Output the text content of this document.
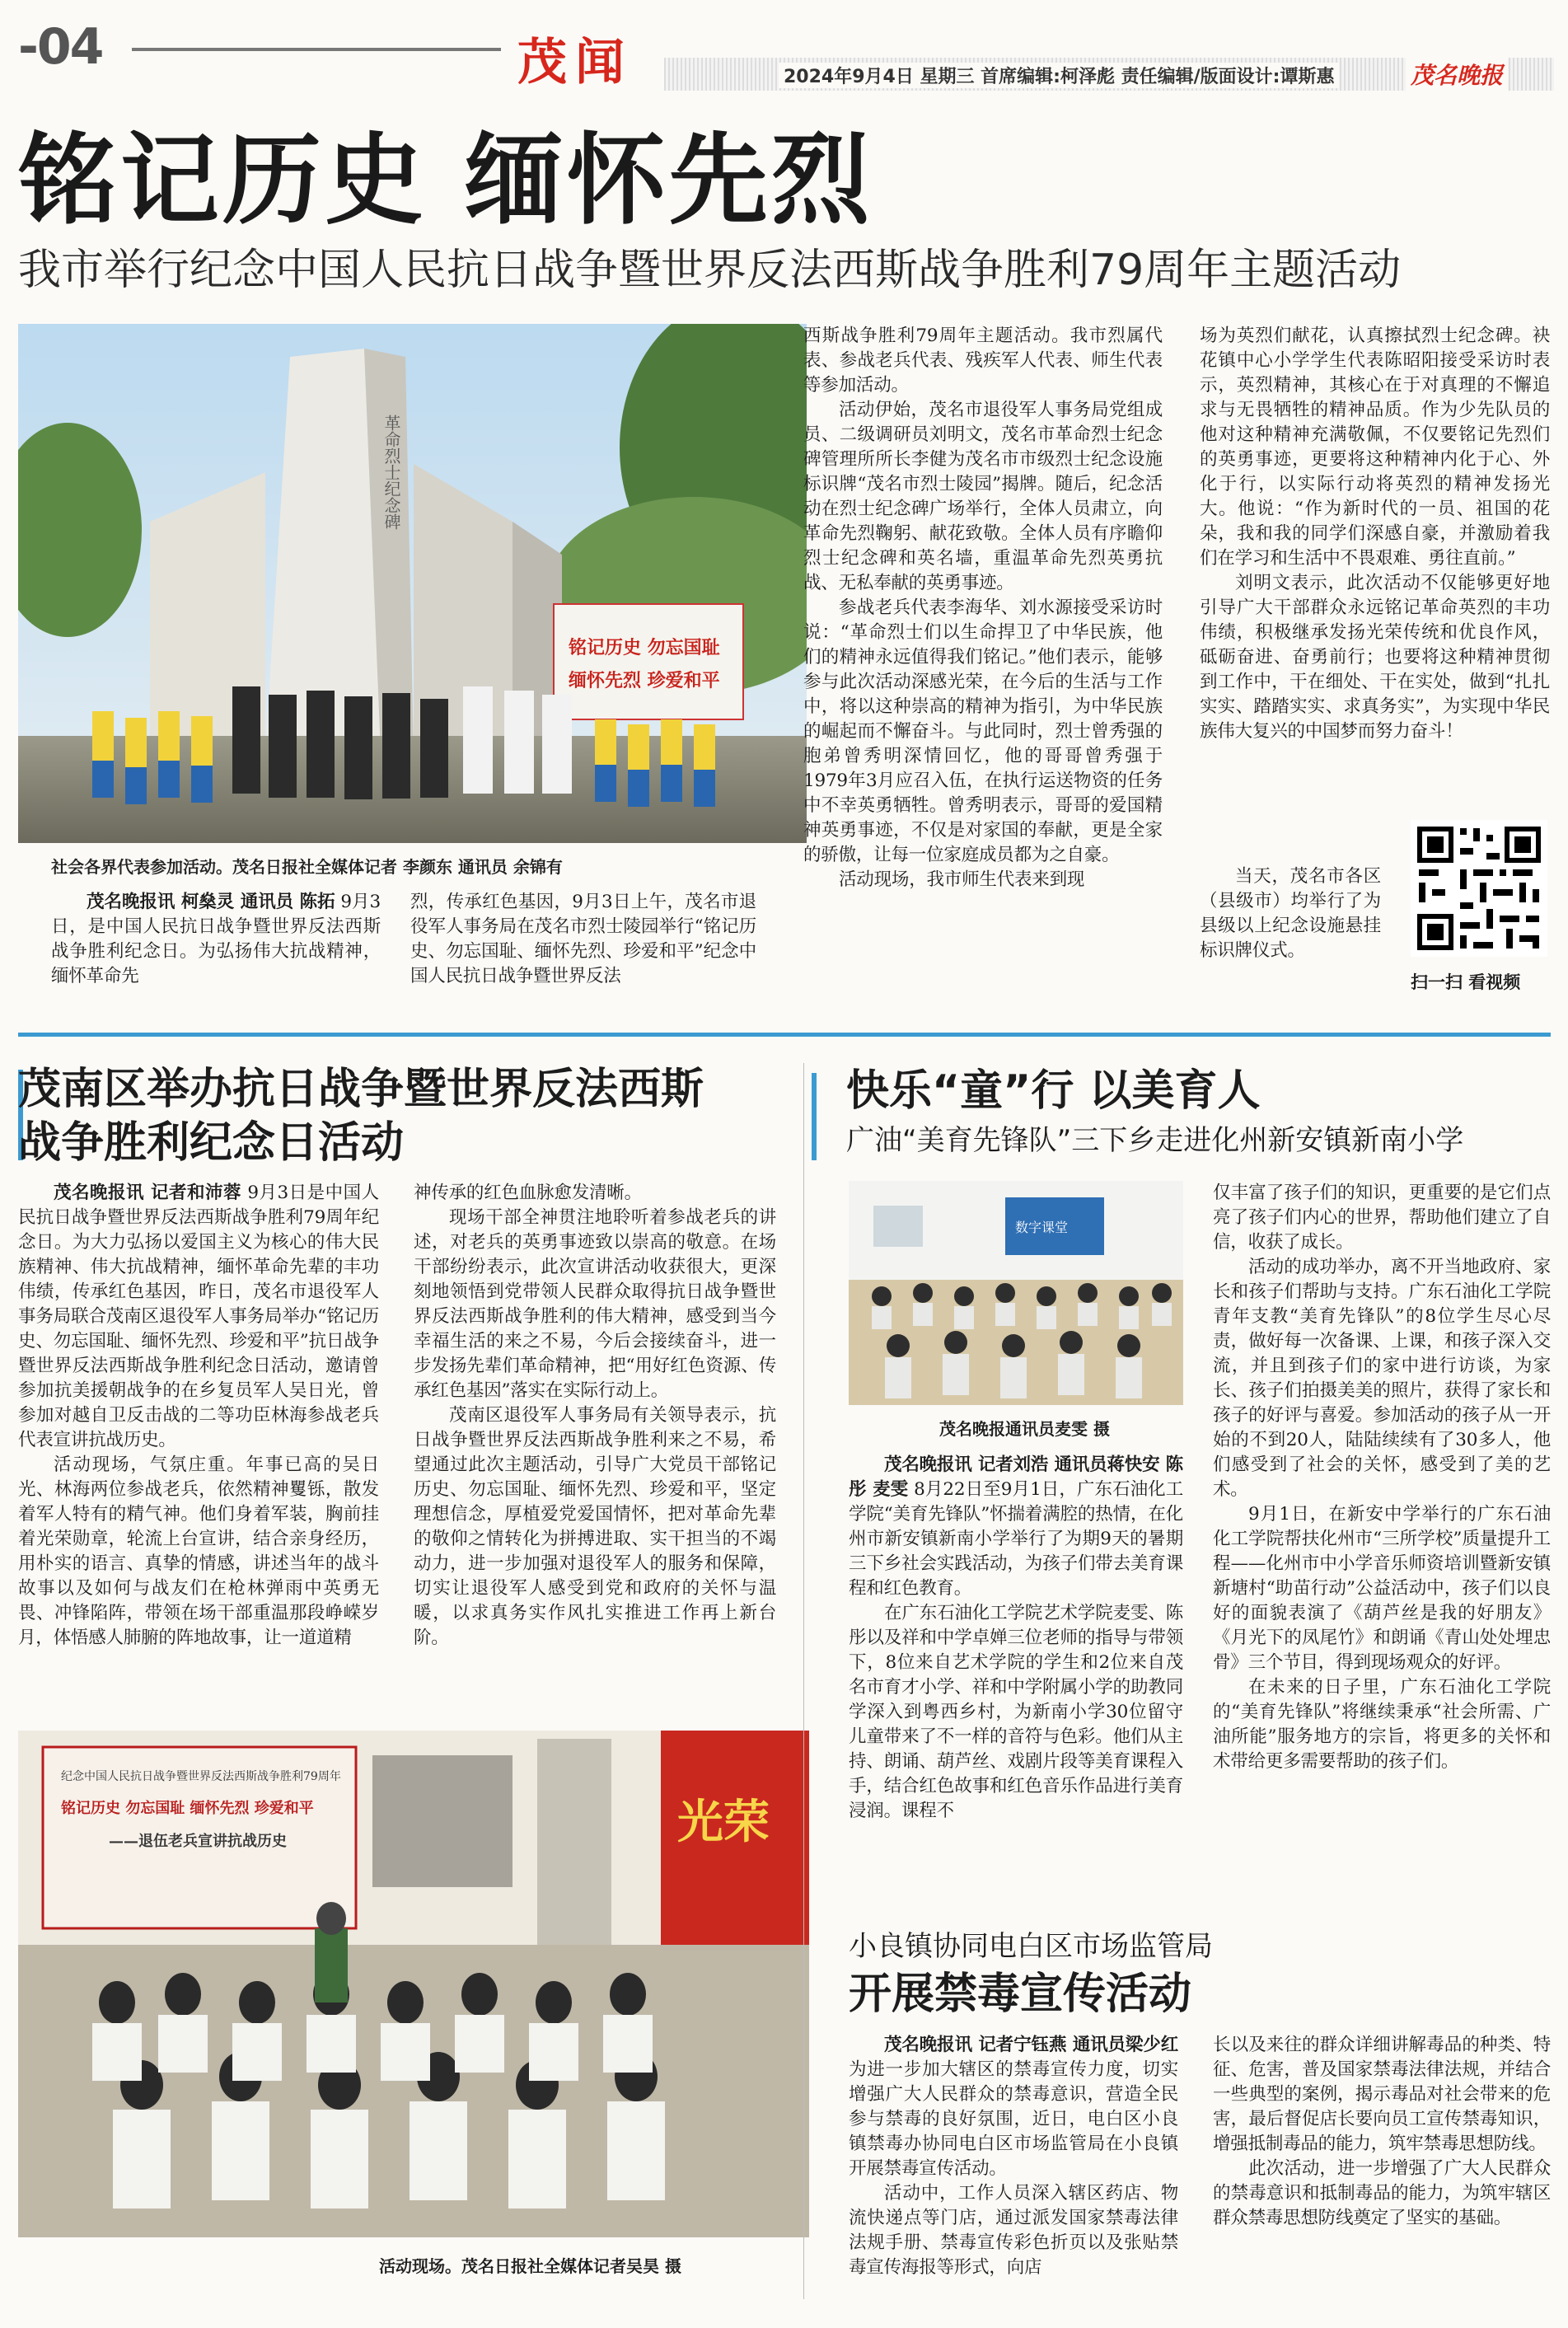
-04	茂闻	2024年9月4日 星期三 首席编辑:柯泽彪 责任编辑/版面设计:谭斯惠	茂名晚报
铭记历史 缅怀先烈
我市举行纪念中国人民抗日战争暨世界反法西斯战争胜利79周年主题活动
革命烈士纪念碑
铭记历史 勿忘国耻
缅怀先烈 珍爱和平
社会各界代表参加活动。茂名日报社全媒体记者 李颜东 通讯员 余锦有

茂名晚报讯 柯燊灵 通讯员 陈拓 9月3日，是中国人民抗日战争暨世界反法西斯战争胜利纪念日。为弘扬伟大抗战精神，缅怀革命先

烈，传承红色基因，9月3日上午，茂名市退役军人事务局在茂名市烈士陵园举行“铭记历史、勿忘国耻、缅怀先烈、珍爱和平”纪念中国人民抗日战争暨世界反法

西斯战争胜利79周年主题活动。我市烈属代表、参战老兵代表、残疾军人代表、师生代表等参加活动。

活动伊始，茂名市退役军人事务局党组成员、二级调研员刘明文，茂名市革命烈士纪念碑管理所所长李健为茂名市市级烈士纪念设施标识牌“茂名市烈士陵园”揭牌。随后，纪念活动在烈士纪念碑广场举行，全体人员肃立，向革命先烈鞠躬、献花致敬。全体人员有序瞻仰烈士纪念碑和英名墙，重温革命先烈英勇抗战、无私奉献的英勇事迹。

参战老兵代表李海华、刘水源接受采访时说：“革命烈士们以生命捍卫了中华民族，他们的精神永远值得我们铭记。”他们表示，能够参与此次活动深感光荣，在今后的生活与工作中，将以这种崇高的精神为指引，为中华民族的崛起而不懈奋斗。与此同时，烈士曾秀强的胞弟曾秀明深情回忆，他的哥哥曾秀强于1979年3月应召入伍，在执行运送物资的任务中不幸英勇牺牲。曾秀明表示，哥哥的爱国精神英勇事迹，不仅是对家国的奉献，更是全家的骄傲，让每一位家庭成员都为之自豪。

活动现场，我市师生代表来到现

场为英烈们献花，认真擦拭烈士纪念碑。袂花镇中心小学学生代表陈昭阳接受采访时表示，英烈精神，其核心在于对真理的不懈追求与无畏牺牲的精神品质。作为少先队员的他对这种精神充满敬佩，不仅要铭记先烈们的英勇事迹，更要将这种精神内化于心、外化于行，以实际行动将英烈的精神发扬光大。他说：“作为新时代的一员、祖国的花朵，我和我的同学们深感自豪，并激励着我们在学习和生活中不畏艰难、勇往直前。”

刘明文表示，此次活动不仅能够更好地引导广大干部群众永远铭记革命英烈的丰功伟绩，积极继承发扬光荣传统和优良作风，砥砺奋进、奋勇前行；也要将这种精神贯彻到工作中，干在细处、干在实处，做到“扎扎实实、踏踏实实、求真务实”，为实现中华民族伟大复兴的中国梦而努力奋斗！

当天，茂名市各区（县级市）均举行了为县级以上纪念设施悬挂标识牌仪式。

扫一扫 看视频
茂南区举办抗日战争暨世界反法西斯
战争胜利纪念日活动

茂名晚报讯 记者和沛蓉 9月3日是中国人民抗日战争暨世界反法西斯战争胜利79周年纪念日。为大力弘扬以爱国主义为核心的伟大民族精神、伟大抗战精神，缅怀革命先辈的丰功伟绩，传承红色基因，昨日，茂名市退役军人事务局联合茂南区退役军人事务局举办“铭记历史、勿忘国耻、缅怀先烈、珍爱和平”抗日战争暨世界反法西斯战争胜利纪念日活动，邀请曾参加抗美援朝战争的在乡复员军人吴日光，曾参加对越自卫反击战的二等功臣林海参战老兵代表宣讲抗战历史。

活动现场，气氛庄重。年事已高的吴日光、林海两位参战老兵，依然精神矍铄，散发着军人特有的精气神。他们身着军装，胸前挂着光荣勋章，轮流上台宣讲，结合亲身经历，用朴实的语言、真挚的情感，讲述当年的战斗故事以及如何与战友们在枪林弹雨中英勇无畏、冲锋陷阵，带领在场干部重温那段峥嵘岁月，体悟感人肺腑的阵地故事，让一道道精

神传承的红色血脉愈发清晰。

现场干部全神贯注地聆听着参战老兵的讲述，对老兵的英勇事迹致以崇高的敬意。在场干部纷纷表示，此次宣讲活动收获很大，更深刻地领悟到党带领人民群众取得抗日战争暨世界反法西斯战争胜利的伟大精神，感受到当今幸福生活的来之不易，今后会接续奋斗，进一步发扬先辈们革命精神，把“用好红色资源、传承红色基因”落实在实际行动上。

茂南区退役军人事务局有关领导表示，抗日战争暨世界反法西斯战争胜利来之不易，希望通过此次主题活动，引导广大党员干部铭记历史、勿忘国耻、缅怀先烈、珍爱和平，坚定理想信念，厚植爱党爱国情怀，把对革命先辈的敬仰之情转化为拼搏进取、实干担当的不竭动力，进一步加强对退役军人的服务和保障，切实让退役军人感受到党和政府的关怀与温暖，以求真务实作风扎实推进工作再上新台阶。

纪念中国人民抗日战争暨世界反法西斯战争胜利79周年
铭记历史 勿忘国耻 缅怀先烈 珍爱和平
——退伍老兵宣讲抗战历史	光荣
活动现场。茂名日报社全媒体记者吴昊 摄
快乐“童”行 以美育人
广油“美育先锋队”三下乡走进化州新安镇新南小学
数字课堂
茂名晚报通讯员麦雯 摄

茂名晚报讯 记者刘浩 通讯员蒋快安 陈彤 麦雯 8月22日至9月1日，广东石油化工学院“美育先锋队”怀揣着满腔的热情，在化州市新安镇新南小学举行了为期9天的暑期三下乡社会实践活动，为孩子们带去美育课程和红色教育。

在广东石油化工学院艺术学院麦雯、陈彤以及祥和中学卓婵三位老师的指导与带领下，8位来自艺术学院的学生和2位来自茂名市育才小学、祥和中学附属小学的助教同学深入到粤西乡村，为新南小学30位留守儿童带来了不一样的音符与色彩。他们从主持、朗诵、葫芦丝、戏剧片段等美育课程入手，结合红色故事和红色音乐作品进行美育浸润。课程不

仅丰富了孩子们的知识，更重要的是它们点亮了孩子们内心的世界，帮助他们建立了自信，收获了成长。

活动的成功举办，离不开当地政府、家长和孩子们帮助与支持。广东石油化工学院青年支教“美育先锋队”的8位学生尽心尽责，做好每一次备课、上课，和孩子深入交流，并且到孩子们的家中进行访谈，为家长、孩子们拍摄美美的照片，获得了家长和孩子的好评与喜爱。参加活动的孩子从一开始的不到20人，陆陆续续有了30多人，他们感受到了社会的关怀，感受到了美的艺术。

9月1日，在新安中学举行的广东石油化工学院帮扶化州市“三所学校”质量提升工程——化州市中小学音乐师资培训暨新安镇新塘村“助苗行动”公益活动中，孩子们以良好的面貌表演了《葫芦丝是我的好朋友》《月光下的凤尾竹》和朗诵《青山处处埋忠骨》三个节目，得到现场观众的好评。

在未来的日子里，广东石油化工学院的“美育先锋队”将继续秉承“社会所需、广油所能”服务地方的宗旨，将更多的关怀和术带给更多需要帮助的孩子们。

小良镇协同电白区市场监管局
开展禁毒宣传活动

茂名晚报讯 记者宁钰燕 通讯员梁少红 为进一步加大辖区的禁毒宣传力度，切实增强广大人民群众的禁毒意识，营造全民参与禁毒的良好氛围，近日，电白区小良镇禁毒办协同电白区市场监管局在小良镇开展禁毒宣传活动。

活动中，工作人员深入辖区药店、物流快递点等门店，通过派发国家禁毒法律法规手册、禁毒宣传彩色折页以及张贴禁毒宣传海报等形式，向店

长以及来往的群众详细讲解毒品的种类、特征、危害，普及国家禁毒法律法规，并结合一些典型的案例，揭示毒品对社会带来的危害，最后督促店长要向员工宣传禁毒知识，增强抵制毒品的能力，筑牢禁毒思想防线。

此次活动，进一步增强了广大人民群众的禁毒意识和抵制毒品的能力，为筑牢辖区群众禁毒思想防线奠定了坚实的基础。
